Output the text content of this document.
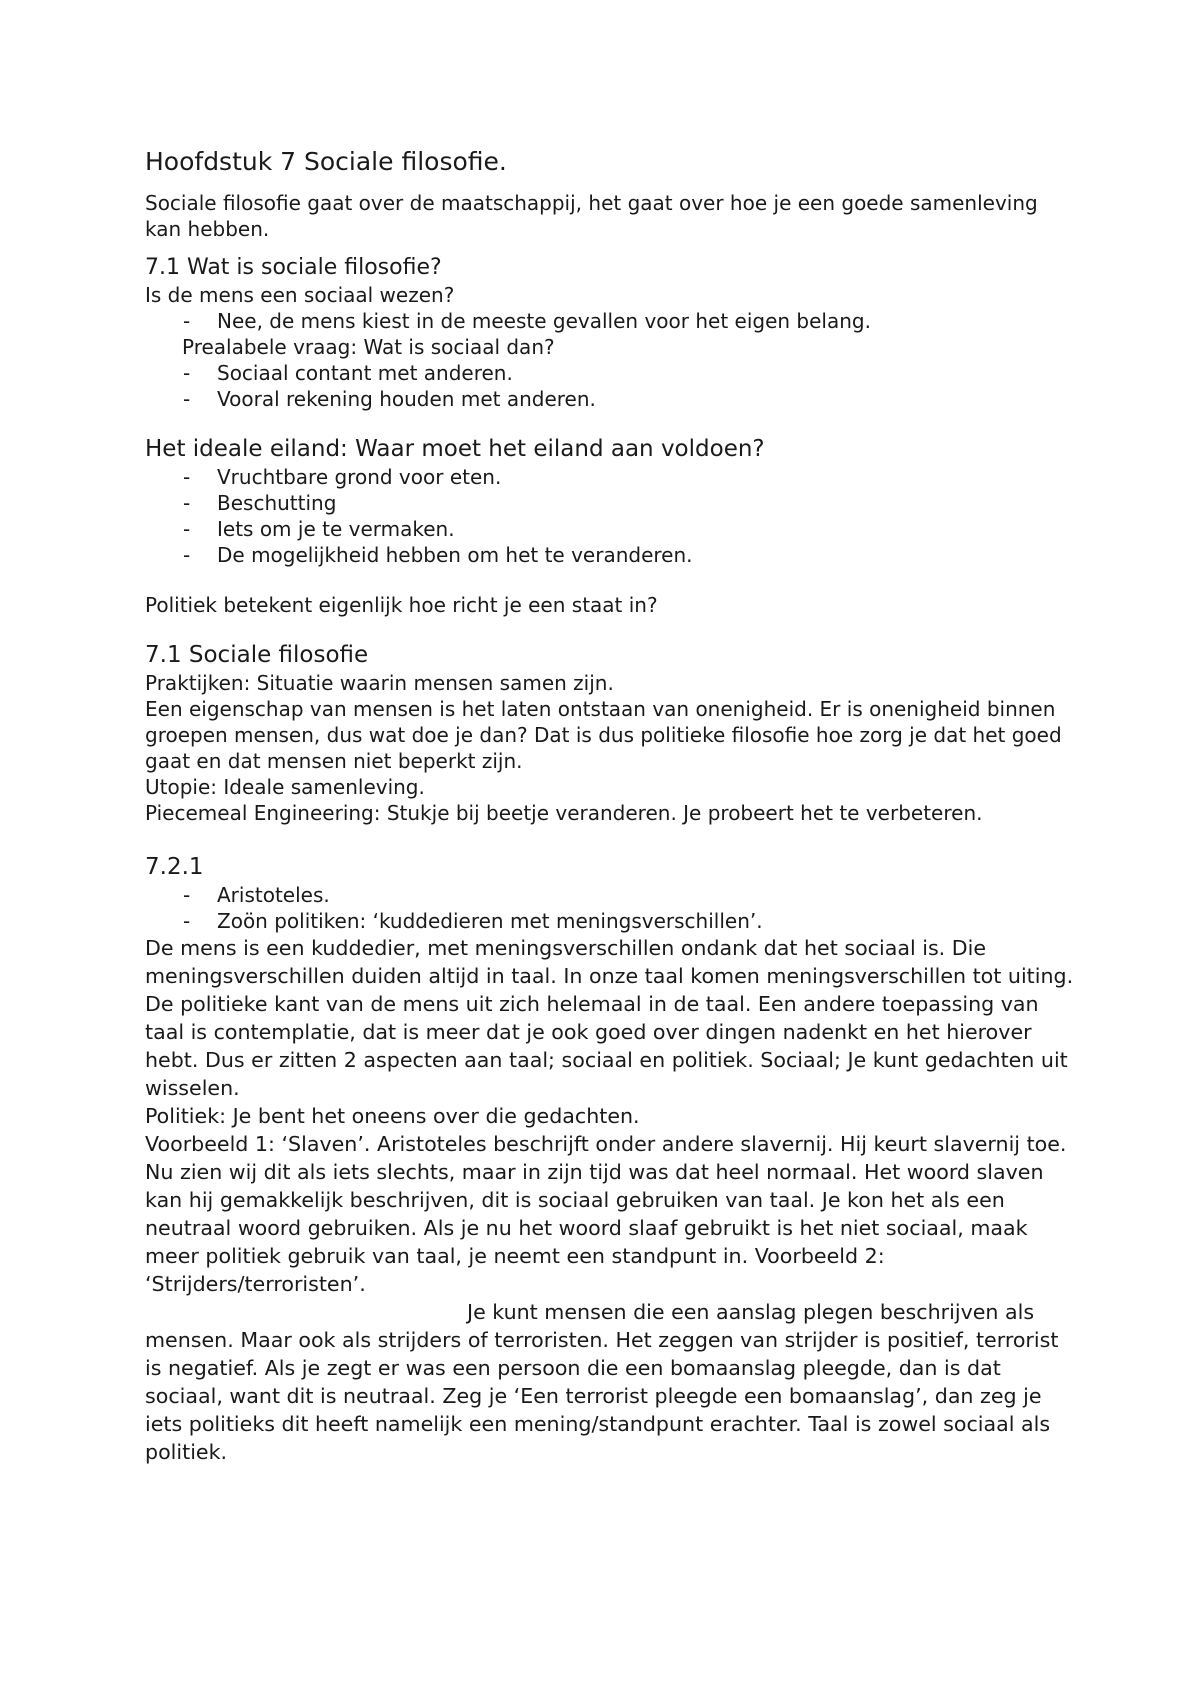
Hoofdstuk 7 Sociale filosofie.

Sociale filosofie gaat over de maatschappij, het gaat over hoe je een goede samenleving kan hebben.

7.1 Wat is sociale filosofie?

Is de mens een sociaal wezen?

- Nee, de mens kiest in de meeste gevallen voor het eigen belang.

Prealabele vraag: Wat is sociaal dan?

- Sociaal contant met anderen.
- Vooral rekening houden met anderen.
Het ideale eiland: Waar moet het eiland aan voldoen?
- Vruchtbare grond voor eten.
- Beschutting
- Iets om je te vermaken.
- De mogelijkheid hebben om het te veranderen.

Politiek betekent eigenlijk hoe richt je een staat in?

7.1 Sociale filosofie

Praktijken: Situatie waarin mensen samen zijn.

Een eigenschap van mensen is het laten ontstaan van onenigheid. Er is onenigheid binnen groepen mensen, dus wat doe je dan? Dat is dus politieke filosofie hoe zorg je dat het goed gaat en dat mensen niet beperkt zijn.

Utopie: Ideale samenleving.

Piecemeal Engineering: Stukje bij beetje veranderen. Je probeert het te verbeteren.

7.2.1
- Aristoteles.
- Zoön politiken: ‘kuddedieren met meningsverschillen’.

De mens is een kuddedier, met meningsverschillen ondank dat het sociaal is. Die meningsverschillen duiden altijd in taal. In onze taal komen meningsverschillen tot uiting. De politieke kant van de mens uit zich helemaal in de taal. Een andere toepassing van taal is contemplatie, dat is meer dat je ook goed over dingen nadenkt en het hierover hebt. Dus er zitten 2 aspecten aan taal; sociaal en politiek. Sociaal; Je kunt gedachten uit wisselen.

Politiek: Je bent het oneens over die gedachten.

Voorbeeld 1: ‘Slaven’. Aristoteles beschrijft onder andere slavernij. Hij keurt slavernij toe. Nu zien wij dit als iets slechts, maar in zijn tijd was dat heel normaal. Het woord slaven kan hij gemakkelijk beschrijven, dit is sociaal gebruiken van taal. Je kon het als een neutraal woord gebruiken. Als je nu het woord slaaf gebruikt is het niet sociaal, maak meer politiek gebruik van taal, je neemt een standpunt in. Voorbeeld 2: ‘Strijders/terroristen’.

Je kunt mensen die een aanslag plegen beschrijven als mensen. Maar ook als strijders of terroristen. Het zeggen van strijder is positief, terrorist is negatief. Als je zegt er was een persoon die een bomaanslag pleegde, dan is dat sociaal, want dit is neutraal. Zeg je ‘Een terrorist pleegde een bomaanslag’, dan zeg je iets politieks dit heeft namelijk een mening/standpunt erachter. Taal is zowel sociaal als politiek.
